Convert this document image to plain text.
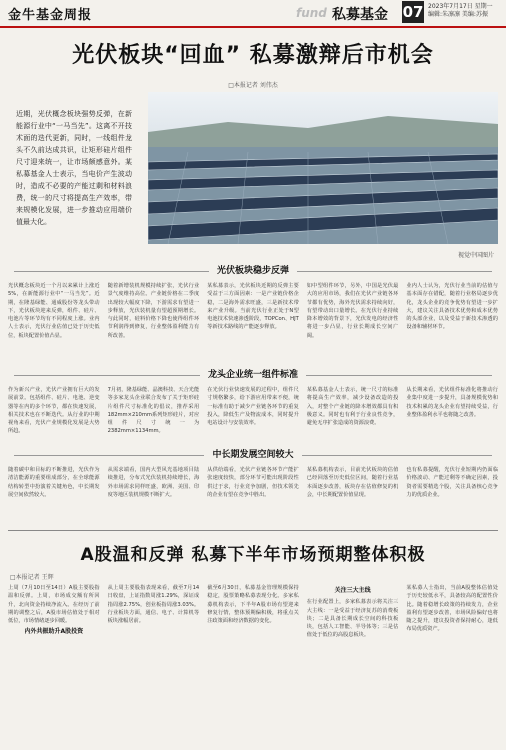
金牛基金周报	fund 私募基金 07 2023年7月17日 星期一
编辑:朱凛凛 美编:苏振
光伏板块“回血” 私募激辩后市机会
□本报记者 刘伟杰
近期，光伏概念板块强势反弹，在新能源行业中“一马当先”。这离不开技术面的迭代更新，同时，一线组件龙头不久前达成共识，让矩形硅片组件尺寸迎来统一，让市场颇感意外。某私募基金人士表示，当电价产生波动时，造成不必要的产能过剩和材料浪费，统一的尺寸将提高生产效率，带来规模化发展，进一步推动应用端价值最大化。
视觉中国图片
光伏板块稳步反弹
光伏概念板块近一个月以来累计上涨近5%，在新能源行业中“一马当先”。近期，在隆基绿能、通威股份等龙头带动下，光伏板块迎来反弹，组件、硅片、电池片等环节均有不同程度上涨。业内人士表示，光伏行业估值已处于历史低位，板块配置价值凸显。
随着新增装机规模持续扩张，光伏行业景气度维持高位。产业链价格在二季度出现较大幅度下降，下游需求有望进一步释放，光伏装机量有望超预期增长。与此同时，硅料价格下降也使得组件环节利润得到修复，行业整体盈利能力有所改善。
某私募表示，光伏板块近期的反弹主要受益于三方面因素：一是产业链价格企稳，二是海外需求旺盛，三是新技术带来产业升级。当前光伏行业正处于N型电池技术快速渗透阶段，TOPCon、HJT等新技术路线的产能逐步释放。
如中型组件环节，另外，中国是光伏最大的应用市场，我们在光伏产业链各环节都有优势，海外光伏需求持续向好，有望带动出口量增长。在光伏行业持续降本增效的背景下，光伏发电的经济性将进一步凸显，行业长期成长空间广阔。
业内人士认为，光伏行业当前的估值与基本面存在错配，随着行业格局逐步优化，龙头企业的竞争优势有望进一步扩大，建议关注具备技术优势和成本优势的头部企业，以及受益于新技术渗透的设备和辅材环节。
龙头企业统一组件标准
作为新兴产业，光伏产业拥有巨大的发展前景。包括组件、硅片、电池、逆变器等在内的多个环节，都在快速发展，相关技术也在不断迭代。从行业的中期视角来看，光伏产业规模化发展是大势所趋。
7月初，隆基绿能、晶澳科技、天合光能等多家龙头企业联合发布了关于矩形硅片组件尺寸标准化的倡议，推荐采用182mm×210mm系列矩形硅片，对应组件尺寸统一为2382mm×1134mm。
在光伏行业快速发展的过程中，组件尺寸规格繁多，给下游应用带来不便，统一标准有助于减少产业链各环节的重复投入，降低生产及物流成本，同时提升电站设计与安装效率。
某私募基金人士表示，统一尺寸的标准将提高生产效率，减少设备改造的投入，对整个产业链的降本增效都具有积极意义。同时也有利于行业良性竞争，避免无序扩张造成的资源浪费。
从长期来看，光伏组件标准化将推动行业集中度进一步提升，具备规模优势和技术积累的龙头企业有望持续受益，行业整体盈利水平也将随之改善。
中长期发展空间较大
随着碳中和目标的不断推进，光伏作为清洁能源的重要组成部分，在全球能源结构转型中扮演着关键角色，中长期发展空间依然较大。
从需求端看，国内大型风光基地项目陆续推进，分布式光伏装机持续增长，海外市场需求同样旺盛，欧洲、美国、印度等地区装机规模不断扩大。
从供给端看，光伏产业链各环节产能扩张速度较快，部分环节可能出现阶段性供过于求，行业竞争加剧，但技术领先的企业有望在竞争中胜出。
某私募机构表示，目前光伏板块的估值已经回落至历史低位区间，随着行业基本面逐步改善，板块存在估值修复的机会，中长期配置价值显现。
也有私募提醒，光伏行业短期内仍面临价格波动、产能过剩等不确定因素，投资者需要精选个股，关注具备核心竞争力的优质企业。
A股温和反弹 私募下半年市场预期整体积极
□本报记者 王辉
上周（7月10日至14日）A股主要股指温和反弹。上周，市场成交额有所回升，北向资金持续净流入。在经历了前期的调整之后，A股市场估值处于相对低位，市场情绪逐步回暖。
内外共振助升A股投资
从上周主要股指表现来看，截至7月14日收盘，上证指数周涨1.29%，深证成指周涨2.75%，创业板指周涨3.03%。行业板块方面，通信、电子、计算机等板块涨幅居前。
截至6月30日，私募基金管理规模保持稳定，股票策略私募表现分化。多家私募机构表示，下半年A股市场有望迎来修复行情，整体预期偏积极，将重点关注政策面和经济数据的变化。
关注三大主线
在行业配置上，多家私募表示将关注三大主线：一是受益于经济复苏的消费板块；二是具备长期成长空间的科技板块，包括人工智能、半导体等；三是估值处于低位的高股息板块。
某私募人士指出，当前A股整体估值处于历史较低水平，具备较高的配置性价比。随着稳增长政策的持续发力，企业盈利有望逐步改善，市场风险偏好也将随之提升，建议投资者保持耐心，逢低布局优质资产。
